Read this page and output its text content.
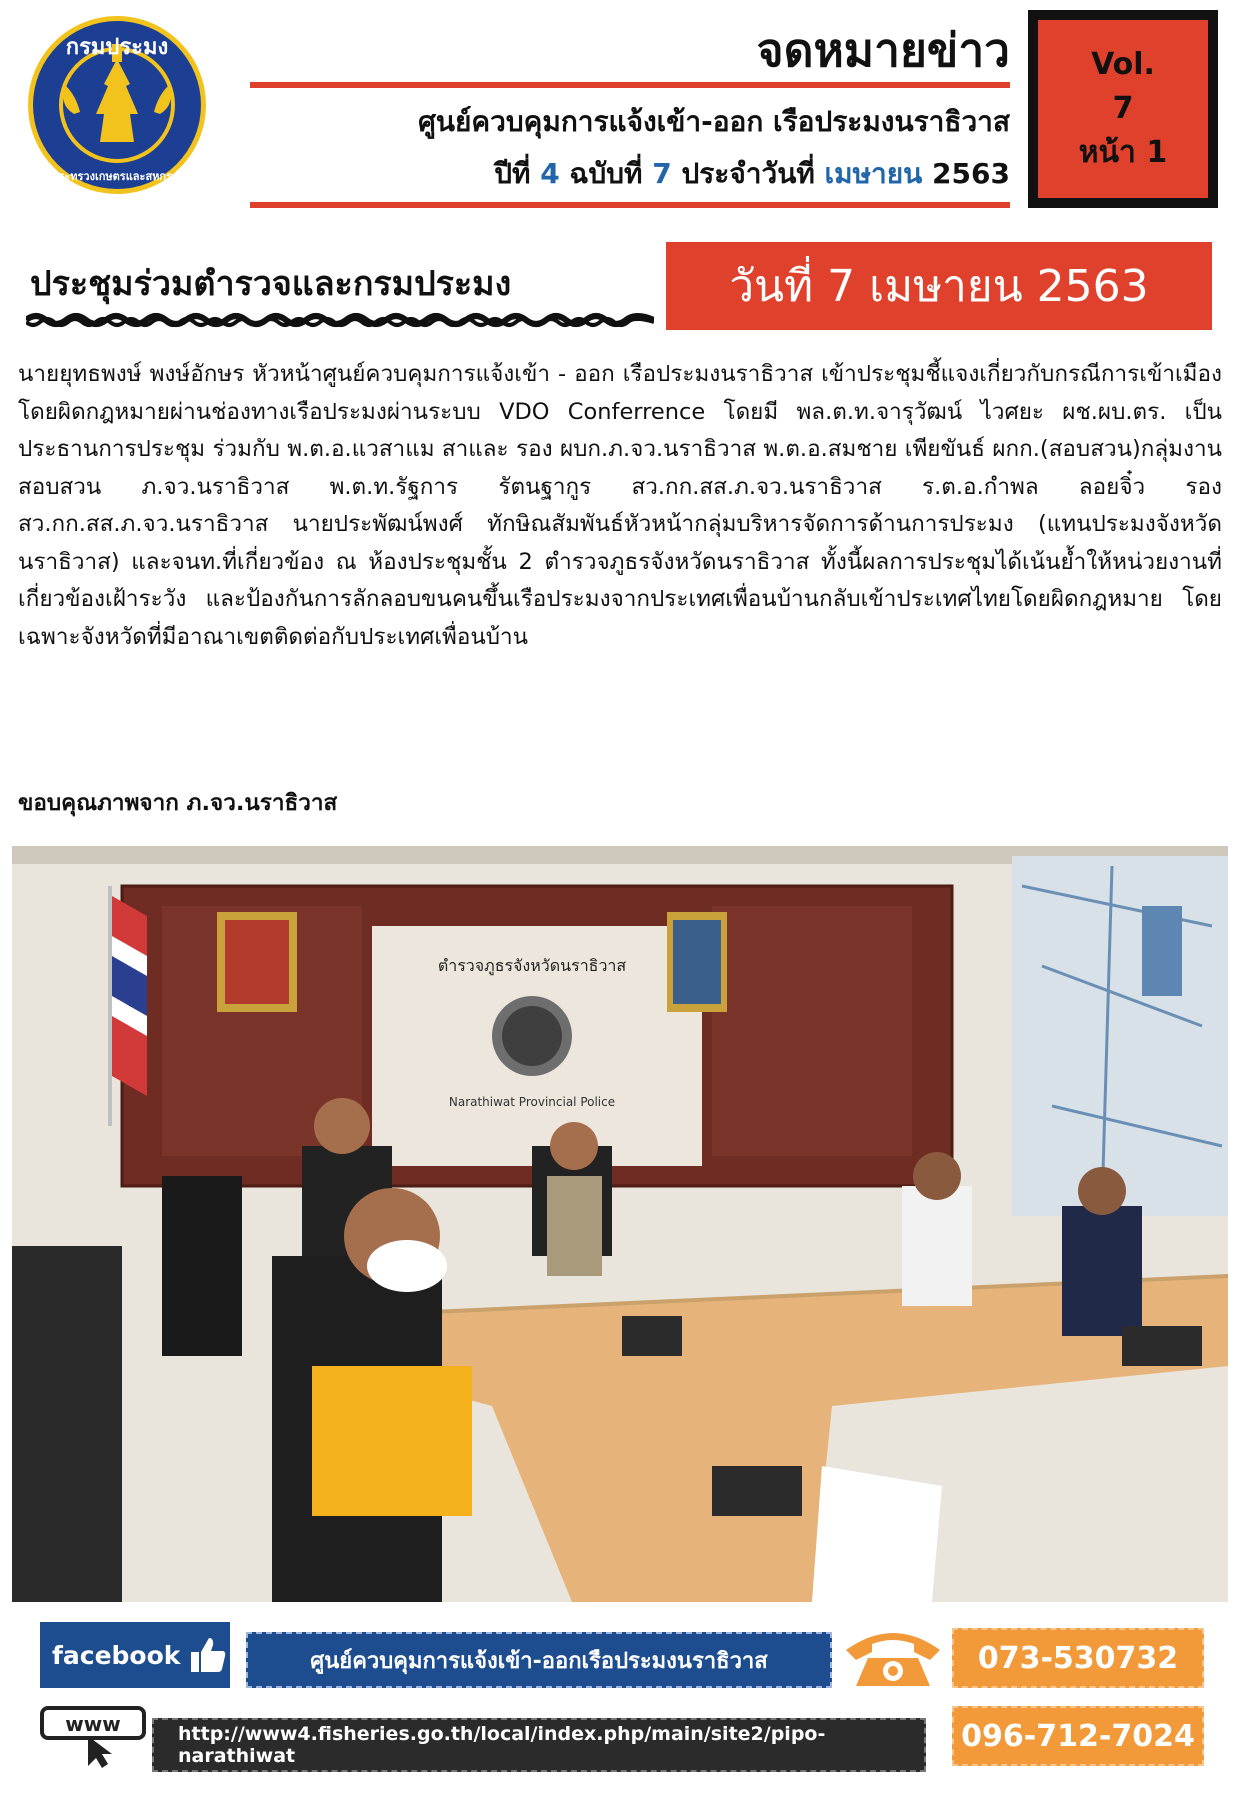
กรมประมง
กระทรวงเกษตรและสหกรณ์
จดหมายข่าว
ศูนย์ควบคุมการแจ้งเข้า-ออก เรือประมงนราธิวาส
ปีที่ 4 ฉบับที่ 7 ประจำวันที่ เมษายน 2563
Vol.
7
หน้า 1
ประชุมร่วมตำรวจและกรมประมง	วันที่ 7 เมษายน 2563
นายยุทธพงษ์ พงษ์อักษร หัวหน้าศูนย์ควบคุมการแจ้งเข้า - ออก เรือประมงนราธิวาส เข้าประชุมชี้แจงเกี่ยวกับกรณีการเข้าเมืองโดยผิดกฎหมายผ่านช่องทางเรือประมงผ่านระบบ VDO Conferrence โดยมี พล.ต.ท.จารุวัฒน์ ไวศยะ ผช.ผบ.ตร. เป็นประธานการประชุม ร่วมกับ พ.ต.อ.แวสาแม สาและ รอง ผบก.ภ.จว.นราธิวาส พ.ต.อ.สมชาย เพียขันธ์ ผกก.(สอบสวน)กลุ่มงานสอบสวน ภ.จว.นราธิวาส พ.ต.ท.รัฐการ รัตนฐากูร สว.กก.สส.ภ.จว.นราธิวาส ร.ต.อ.กำพล ลอยจิ๋ว รองสว.กก.สส.ภ.จว.นราธิวาส นายประพัฒน์พงศ์ ทักษิณสัมพันธ์หัวหน้ากลุ่มบริหารจัดการด้านการประมง (แทนประมงจังหวัดนราธิวาส) และจนท.ที่เกี่ยวข้อง ณ ห้องประชุมชั้น 2 ตำรวจภูธรจังหวัดนราธิวาส ทั้งนี้ผลการประชุมได้เน้นย้ำให้หน่วยงานที่เกี่ยวข้องเฝ้าระวัง และป้องกันการลักลอบขนคนขึ้นเรือประมงจากประเทศเพื่อนบ้านกลับเข้าประเทศไทยโดยผิดกฎหมาย โดยเฉพาะจังหวัดที่มีอาณาเขตติดต่อกับประเทศเพื่อนบ้าน
ขอบคุณภาพจาก ภ.จว.นราธิวาส
ตำรวจภูธรจังหวัดนราธิวาส
Narathiwat Provincial Police
facebook	ศูนย์ควบคุมการแจ้งเข้า-ออกเรือประมงนราธิวาส	073-530732
096-712-7024
www	http://www4.fisheries.go.th/local/index.php/main/site2/pipo-narathiwat
